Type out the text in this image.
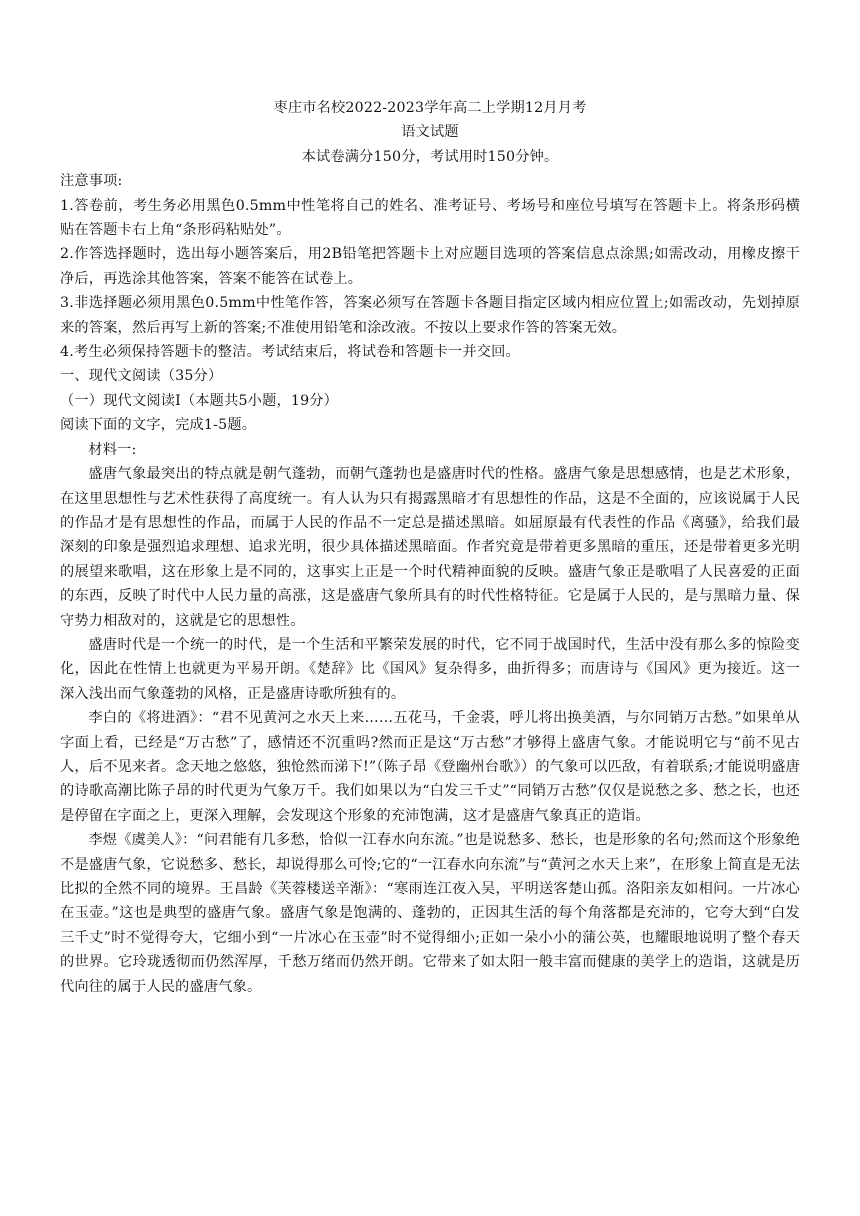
枣庄市名校2022-2023学年高二上学期12月月考
语文试题
本试卷满分150分，考试用时150分钟。
注意事项:

1.答卷前，考生务必用黑色0.5mm中性笔将自己的姓名、准考证号、考场号和座位号填写在答题卡上。将条形码横贴在答题卡右上角“条形码粘贴处”。

2.作答选择题时，选出每小题答案后，用2B铅笔把答题卡上对应题目选项的答案信息点涂黑;如需改动，用橡皮擦干净后，再选涂其他答案，答案不能答在试卷上。

3.非选择题必须用黑色0.5mm中性笔作答，答案必须写在答题卡各题目指定区域内相应位置上;如需改动，先划掉原来的答案，然后再写上新的答案;不准使用铅笔和涂改液。不按以上要求作答的答案无效。

4.考生必须保持答题卡的整洁。考试结束后，将试卷和答题卡一并交回。

一、现代文阅读（35分）
（一）现代文阅读Ⅰ（本题共5小题，19分）
阅读下面的文字，完成1-5题。
材料一:

盛唐气象最突出的特点就是朝气蓬勃，而朝气蓬勃也是盛唐时代的性格。盛唐气象是思想感情，也是艺术形象，在这里思想性与艺术性获得了高度统一。有人认为只有揭露黑暗才有思想性的作品，这是不全面的，应该说属于人民的作品才是有思想性的作品，而属于人民的作品不一定总是描述黑暗。如屈原最有代表性的作品《离骚》，给我们最深刻的印象是强烈追求理想、追求光明，很少具体描述黑暗面。作者究竟是带着更多黑暗的重压，还是带着更多光明的展望来歌唱，这在形象上是不同的，这事实上正是一个时代精神面貌的反映。盛唐气象正是歌唱了人民喜爱的正面的东西，反映了时代中人民力量的高涨，这是盛唐气象所具有的时代性格特征。它是属于人民的，是与黑暗力量、保守势力相敌对的，这就是它的思想性。

盛唐时代是一个统一的时代，是一个生活和平繁荣发展的时代，它不同于战国时代，生活中没有那么多的惊险变化，因此在性情上也就更为平易开朗。《楚辞》比《国风》复杂得多，曲折得多；而唐诗与《国风》更为接近。这一深入浅出而气象蓬勃的风格，正是盛唐诗歌所独有的。

李白的《将进酒》：“君不见黄河之水天上来……五花马，千金裘，呼儿将出换美酒，与尔同销万古愁。”如果单从字面上看，已经是“万古愁”了，感情还不沉重吗?然而正是这“万古愁”才够得上盛唐气象。才能说明它与“前不见古人，后不见来者。念天地之悠悠，独怆然而涕下!”（陈子昂《登幽州台歌》）的气象可以匹敌，有着联系;才能说明盛唐的诗歌高潮比陈子昂的时代更为气象万千。我们如果以为“白发三千丈”“同销万古愁”仅仅是说愁之多、愁之长，也还是停留在字面之上，更深入理解，会发现这个形象的充沛饱满，这才是盛唐气象真正的造诣。

李煜《虞美人》：“问君能有几多愁，恰似一江春水向东流。”也是说愁多、愁长，也是形象的名句;然而这个形象绝不是盛唐气象，它说愁多、愁长，却说得那么可怜;它的“一江春水向东流”与“黄河之水天上来”，在形象上简直是无法比拟的全然不同的境界。王昌龄《芙蓉楼送辛渐》：“寒雨连江夜入吴，平明送客楚山孤。洛阳亲友如相问。一片冰心在玉壶。”这也是典型的盛唐气象。盛唐气象是饱满的、蓬勃的，正因其生活的每个角落都是充沛的，它夸大到“白发三千丈”时不觉得夸大，它细小到“一片冰心在玉壶”时不觉得细小;正如一朵小小的蒲公英，也耀眼地说明了整个春天的世界。它玲珑透彻而仍然浑厚，千愁万绪而仍然开朗。它带来了如太阳一般丰富而健康的美学上的造诣，这就是历代向往的属于人民的盛唐气象。
